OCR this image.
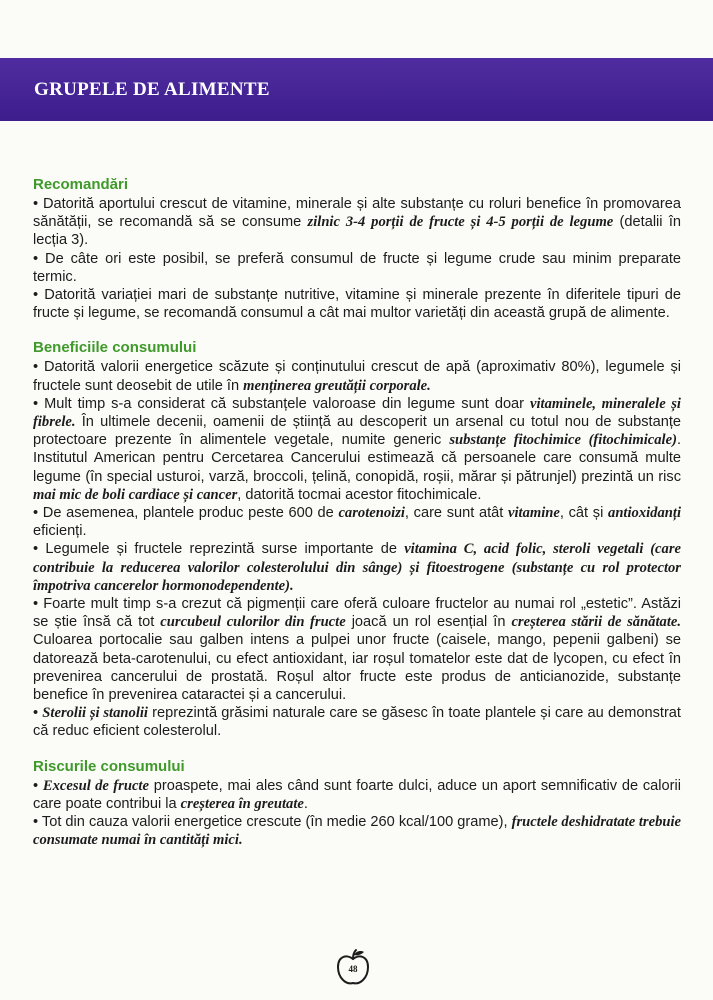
GRUPELE DE ALIMENTE
Recomandări
• Datorită aportului crescut de vitamine, minerale și alte substanțe cu roluri benefice în promovarea sănătății, se recomandă să se consume zilnic 3-4 porții de fructe și 4-5 porții de legume (detalii în lecția 3).
• De câte ori este posibil, se preferă consumul de fructe și legume crude sau minim preparate termic.
• Datorită variației mari de substanțe nutritive, vitamine și minerale prezente în diferitele tipuri de fructe și legume, se recomandă consumul a cât mai multor varietăți din această grupă de alimente.
Beneficiile consumului
• Datorită valorii energetice scăzute și conținutului crescut de apă (aproximativ 80%), legumele și fructele sunt deosebit de utile în menținerea greutății corporale.
• Mult timp s-a considerat că substanțele valoroase din legume sunt doar vitaminele, mineralele și fibrele. În ultimele decenii, oamenii de știință au descoperit un arsenal cu totul nou de substanțe protectoare prezente în alimentele vegetale, numite generic substanțe fitochimice (fitochimicale). Institutul American pentru Cercetarea Cancerului estimează că persoanele care consumă multe legume (în special usturoi, varză, broccoli, țelină, conopidă, roșii, mărar și pătrunjel) prezintă un risc mai mic de boli cardiace și cancer, datorită tocmai acestor fitochimicale.
• De asemenea, plantele produc peste 600 de carotenoizi, care sunt atât vitamine, cât și antioxidanți eficienți.
• Legumele și fructele reprezintă surse importante de vitamina C, acid folic, steroli vegetali (care contribuie la reducerea valorilor colesterolului din sânge) și fitoestrogene (substanțe cu rol protector împotriva cancerelor hormonodependente).
• Foarte mult timp s-a crezut că pigmenții care oferă culoare fructelor au numai rol „estetic”. Astăzi se știe însă că tot curcubeul culorilor din fructe joacă un rol esențial în creșterea stării de sănătate. Culoarea portocalie sau galben intens a pulpei unor fructe (caisele, mango, pepenii galbeni) se datorează beta-carotenului, cu efect antioxidant, iar roșul tomatelor este dat de lycopen, cu efect în prevenirea cancerului de prostată. Roșul altor fructe este produs de anticianozide, substanțe benefice în prevenirea cataractei și a cancerului.
• Sterolii și stanolii reprezintă grăsimi naturale care se găsesc în toate plantele și care au demonstrat că reduc eficient colesterolul.
Riscurile consumului
• Excesul de fructe proaspete, mai ales când sunt foarte dulci, aduce un aport semnificativ de calorii care poate contribui la creșterea în greutate.
• Tot din cauza valorii energetice crescute (în medie 260 kcal/100 grame), fructele deshidratate trebuie consumate numai în cantități mici.
48
